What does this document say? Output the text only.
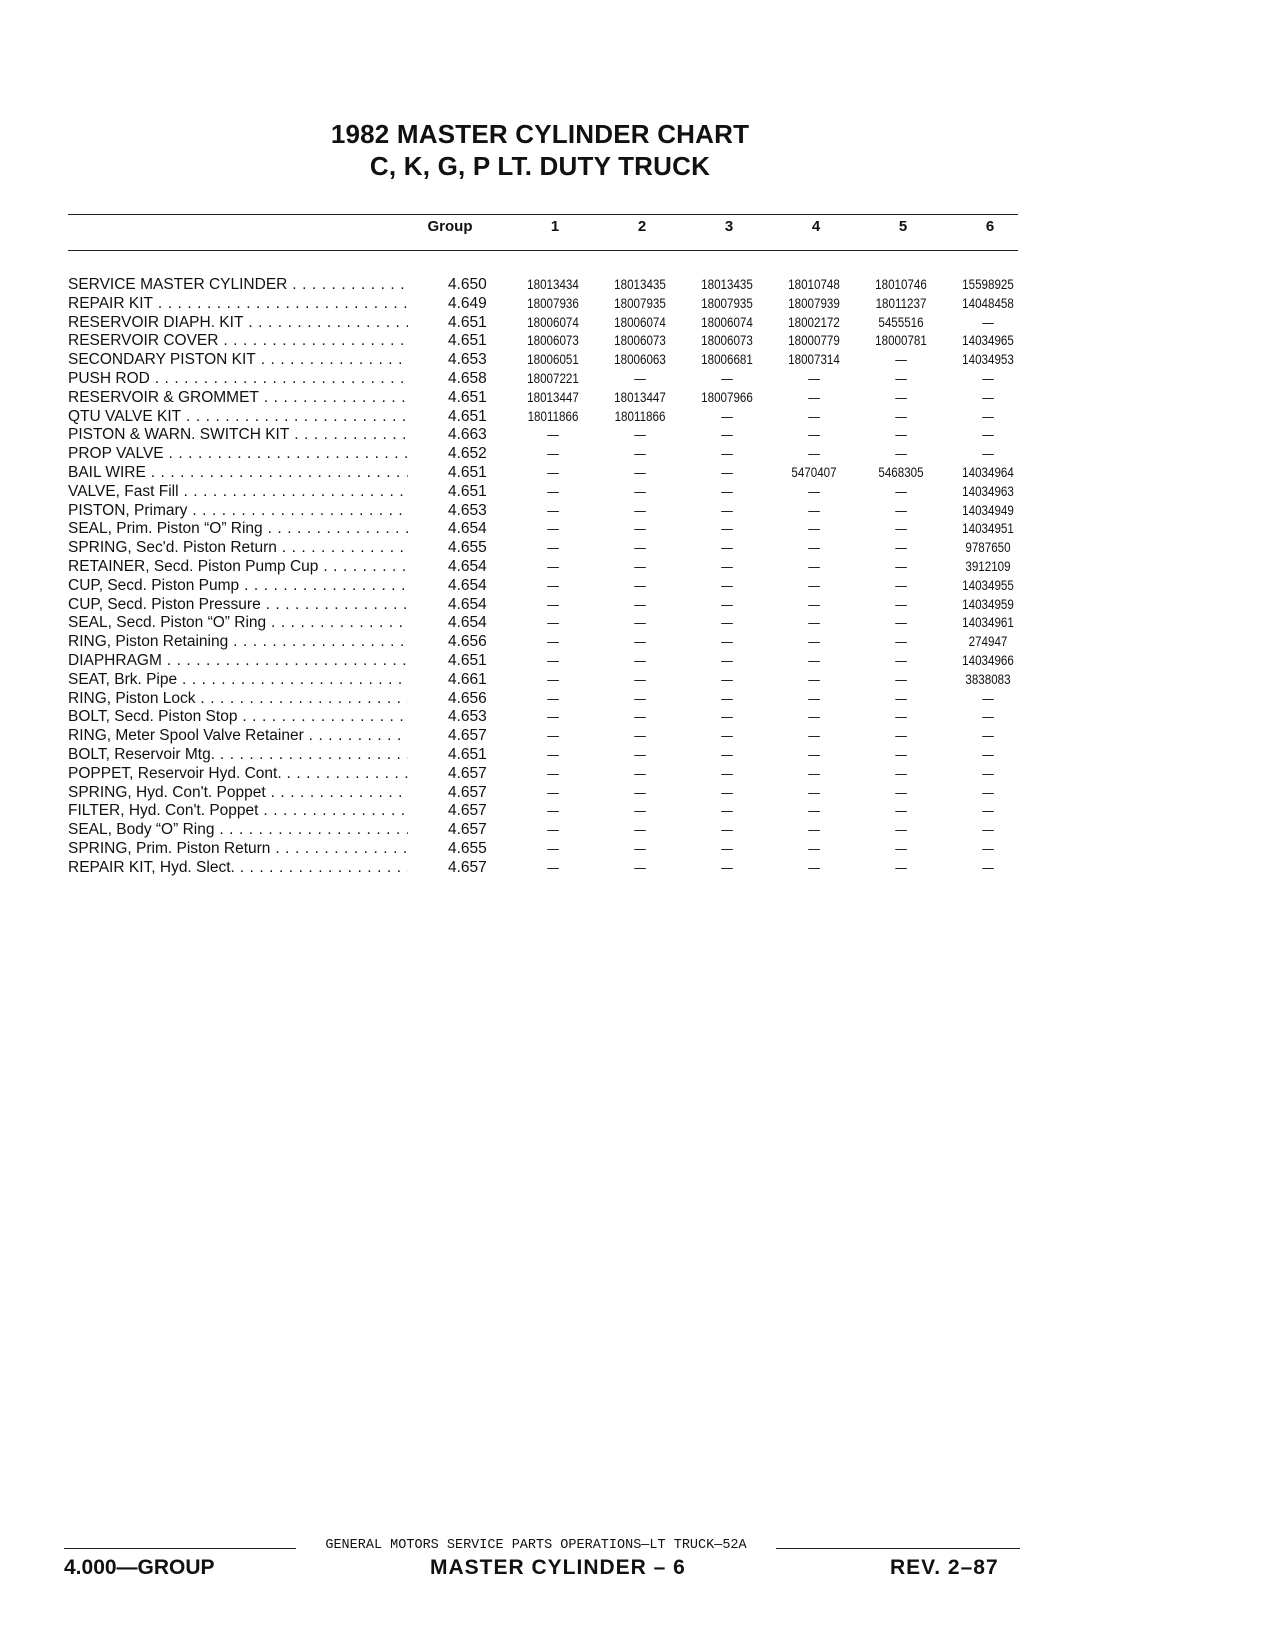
1982 MASTER CYLINDER CHART
C, K, G, P LT. DUTY TRUCK
Group	1	2	3	4	5	6
SERVICE MASTER CYLINDER . . .	4.650	18013434	18013435	18013435	18010748	18010746	15598925
REPAIR KIT . . .	4.649	18007936	18007935	18007935	18007939	18011237	14048458
RESERVOIR DIAPH. KIT . . .	4.651	18006074	18006074	18006074	18002172	5455516	—
RESERVOIR COVER . . .	4.651	18006073	18006073	18006073	18000779	18000781	14034965
SECONDARY PISTON KIT . . .	4.653	18006051	18006063	18006681	18007314	—	14034953
PUSH ROD . . .	4.658	18007221	—	—	—	—	—
RESERVOIR & GROMMET . . .	4.651	18013447	18013447	18007966	—	—	—
QTU VALVE KIT . . .	4.651	18011866	18011866	—	—	—	—
PISTON & WARN. SWITCH KIT . . .	4.663	—	—	—	—	—	—
PROP VALVE . . .	4.652	—	—	—	—	—	—
BAIL WIRE . . .	4.651	—	—	—	5470407	5468305	14034964
VALVE, Fast Fill . . .	4.651	—	—	—	—	—	14034963
PISTON, Primary . . .	4.653	—	—	—	—	—	14034949
SEAL, Prim. Piston “O” Ring . . .	4.654	—	—	—	—	—	14034951
SPRING, Sec'd. Piston Return . . .	4.655	—	—	—	—	—	9787650
RETAINER, Secd. Piston Pump Cup . . .	4.654	—	—	—	—	—	3912109
CUP, Secd. Piston Pump . . .	4.654	—	—	—	—	—	14034955
CUP, Secd. Piston Pressure . . .	4.654	—	—	—	—	—	14034959
SEAL, Secd. Piston “O” Ring . . .	4.654	—	—	—	—	—	14034961
RING, Piston Retaining . . .	4.656	—	—	—	—	—	274947
DIAPHRAGM . . .	4.651	—	—	—	—	—	14034966
SEAT, Brk. Pipe . . .	4.661	—	—	—	—	—	3838083
RING, Piston Lock . . .	4.656	—	—	—	—	—	—
BOLT, Secd. Piston Stop . . .	4.653	—	—	—	—	—	—
RING, Meter Spool Valve Retainer . . .	4.657	—	—	—	—	—	—
BOLT, Reservoir Mtg. . . .	4.651	—	—	—	—	—	—
POPPET, Reservoir Hyd. Cont. . . .	4.657	—	—	—	—	—	—
SPRING, Hyd. Con't. Poppet . . .	4.657	—	—	—	—	—	—
FILTER, Hyd. Con't. Poppet . . .	4.657	—	—	—	—	—	—
SEAL, Body “O” Ring . . .	4.657	—	—	—	—	—	—
SPRING, Prim. Piston Return . . .	4.655	—	—	—	—	—	—
REPAIR KIT, Hyd. Slect. . . .	4.657	—	—	—	—	—	—
GENERAL MOTORS SERVICE PARTS OPERATIONS—LT TRUCK—52A
4.000—GROUP	MASTER CYLINDER – 6	REV. 2–87
